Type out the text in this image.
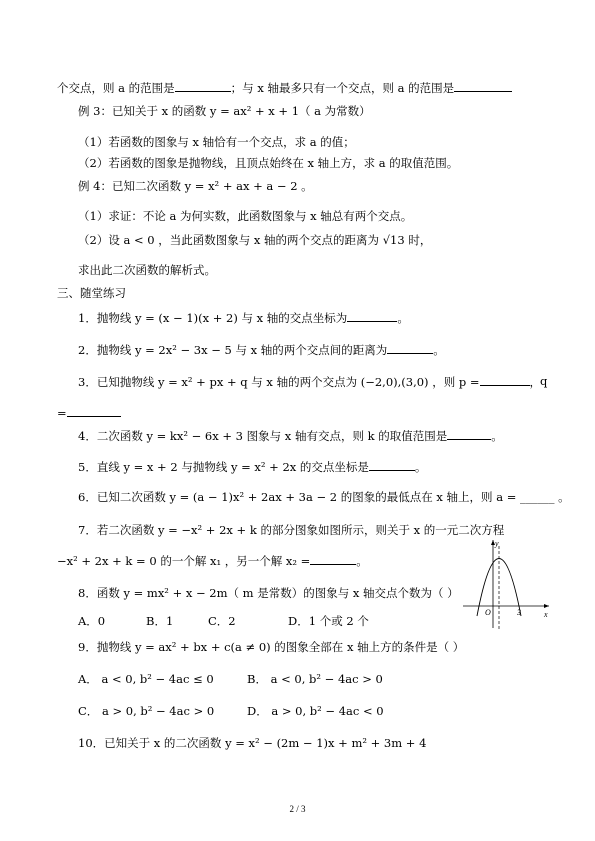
个交点，则 a 的范围是	；与 x 轴最多只有一个交点，则 a 的范围是
例 3：已知关于 x 的函数 y = ax² + x + 1（ a 为常数）
（1）若函数的图象与 x 轴恰有一个交点，求 a 的值；
（2）若函数的图象是抛物线，且顶点始终在 x 轴上方，求 a 的取值范围。
例 4：已知二次函数 y = x² + ax + a − 2 。
（1）求证：不论 a 为何实数，此函数图象与 x 轴总有两个交点。
（2）设 a < 0 ，当此函数图象与 x 轴的两个交点的距离为 √13 时，
求出此二次函数的解析式。
三、随堂练习
1．抛物线 y = (x − 1)(x + 2) 与 x 轴的交点坐标为	。
2．抛物线 y = 2x² − 3x − 5 与 x 轴的两个交点间的距离为	。
3．已知抛物线 y = x² + px + q 与 x 轴的两个交点为 (−2,0),(3,0) ，则 p =	， q
=
4．二次函数 y = kx² − 6x + 3 图象与 x 轴有交点，则 k 的取值范围是	。
5．直线 y = x + 2 与抛物线 y = x² + 2x 的交点坐标是	。
6．已知二次函数 y = (a − 1)x² + 2ax + 3a − 2 的图象的最低点在 x 轴上，则 a = ______ 。
7．若二次函数 y = −x² + 2x + k 的部分图象如图所示，则关于 x 的一元二次方程
−x² + 2x + k = 0 的一个解 x₁ ，另一个解 x₂ =	。
8．函数 y = mx² + x − 2m（ m 是常数）的图象与 x 轴交点个数为（ ）
A．0	B．1	C．2	D．1 个或 2 个
9．抛物线 y = ax² + bx + c(a ≠ 0) 的图象全部在 x 轴上方的条件是（ ）
A． a < 0, b² − 4ac ≤ 0	B． a < 0, b² − 4ac > 0
C． a > 0, b² − 4ac > 0	D． a > 0, b² − 4ac < 0
10．已知关于 x 的二次函数 y = x² − (2m − 1)x + m² + 3m + 4
y
x
O	3
2 / 3
